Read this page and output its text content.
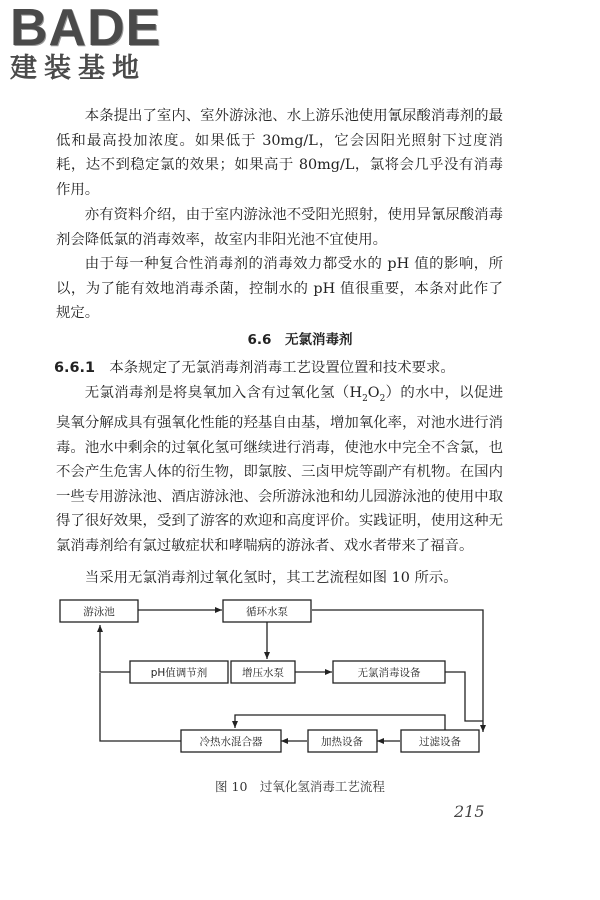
BADE
建装基地

本条提出了室内、室外游泳池、水上游乐池使用氰尿酸消毒剂的最低和最高投加浓度。如果低于 30mg/L，它会因阳光照射下过度消耗，达不到稳定氯的效果；如果高于 80mg/L，氯将会几乎没有消毒作用。

亦有资料介绍，由于室内游泳池不受阳光照射，使用异氰尿酸消毒剂会降低氯的消毒效率，故室内非阳光池不宜使用。

由于每一种复合性消毒剂的消毒效力都受水的 pH 值的影响，所以，为了能有效地消毒杀菌，控制水的 pH 值很重要，本条对此作了规定。

6.6　无氯消毒剂

6.6.1　 本条规定了无氯消毒剂消毒工艺设置位置和技术要求。

无氯消毒剂是将臭氧加入含有过氧化氢$(H_2O_2)$的水中，以促进臭氧分解成具有强氧化性能的羟基自由基，增加氧化率，对池水进行消毒。池水中剩余的过氧化氢可继续进行消毒，使池水中完全不含氯，也不会产生危害人体的衍生物，即氯胺、三卤甲烷等副产有机物。在国内一些专用游泳池、酒店游泳池、会所游泳池和幼儿园游泳池的使用中取得了很好效果，受到了游客的欢迎和高度评价。实践证明，使用这种无氯消毒剂给有氯过敏症状和哮喘病的游泳者、戏水者带来了福音。

当采用无氯消毒剂过氧化氢时，其工艺流程如图 10 所示。

游泳池	循环水泵
pH值调节剂	增压水泵	无氯消毒设备
冷热水混合器	加热设备	过滤设备
图 10　过氧化氢消毒工艺流程
215
